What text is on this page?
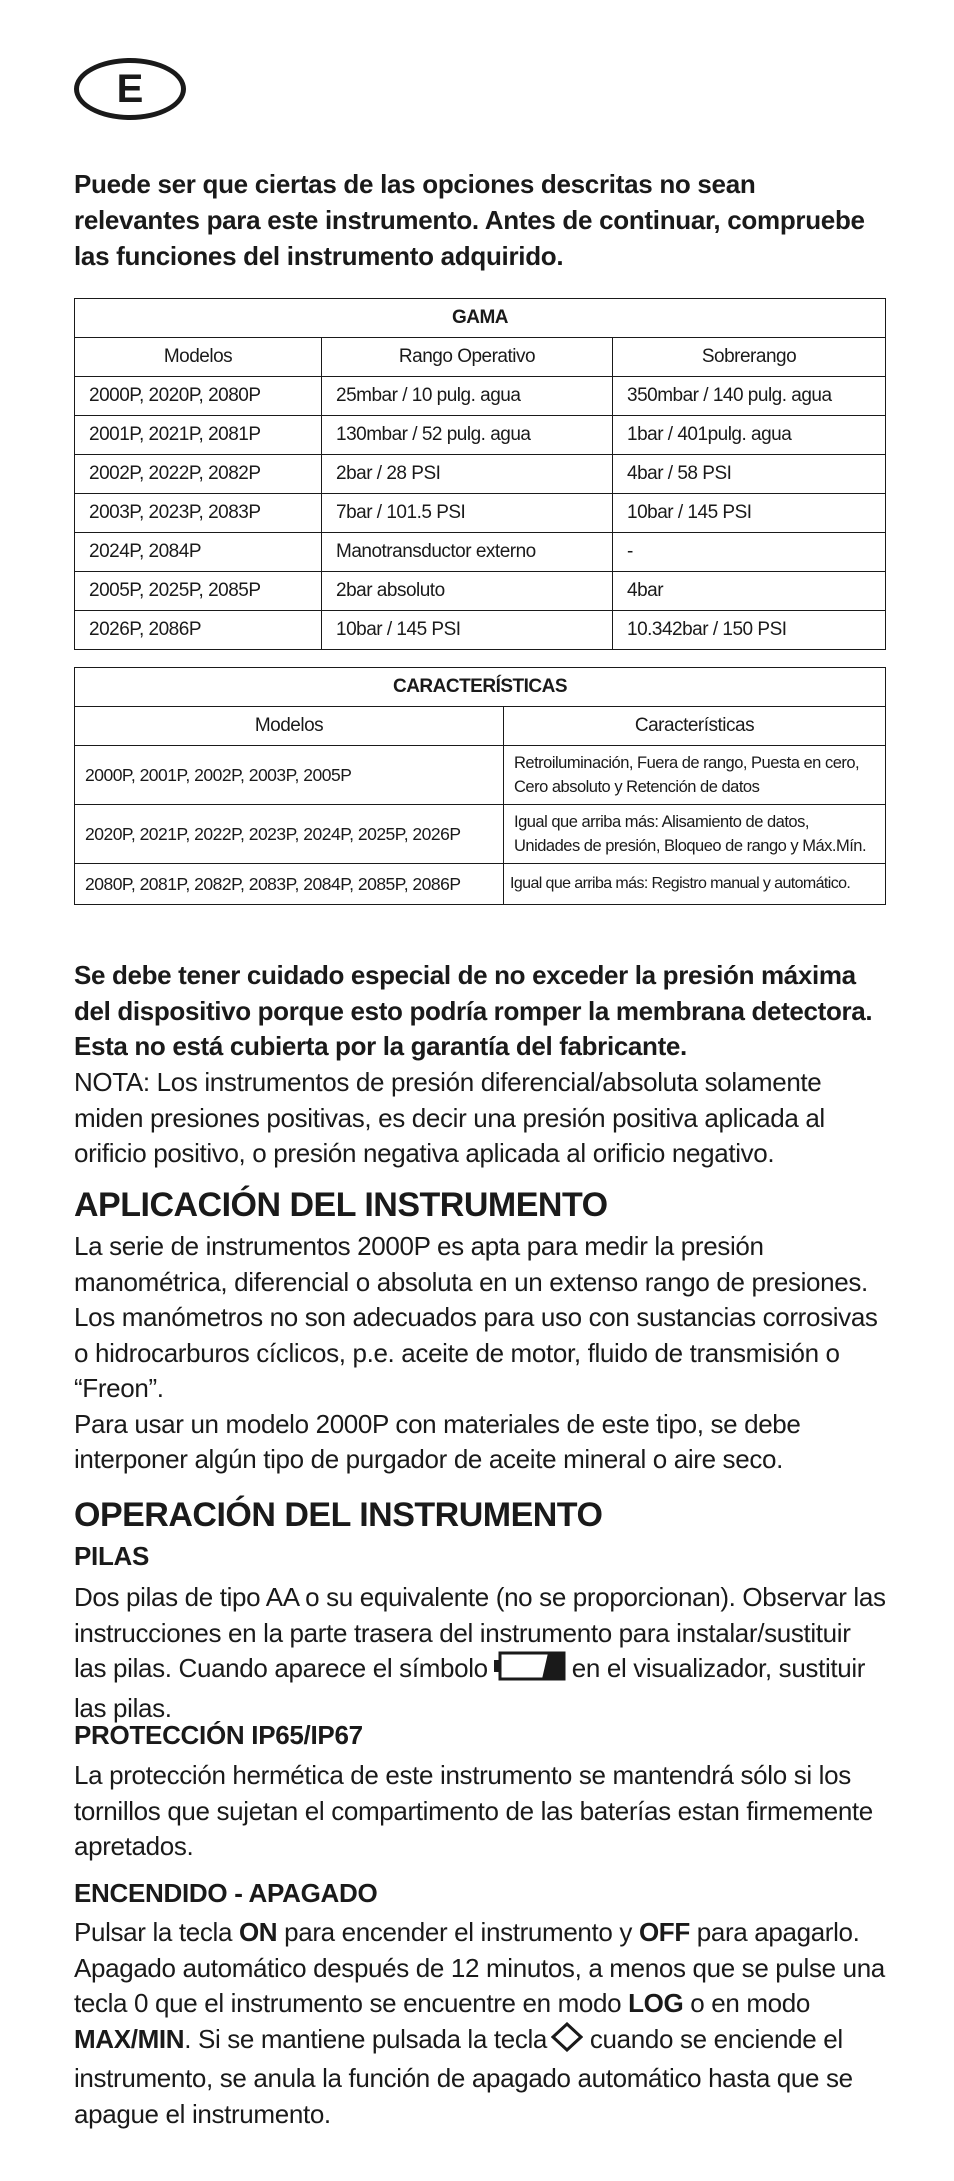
E
Puede ser que ciertas de las opciones descritas no sean relevantes para este instrumento. Antes de continuar, compruebe las funciones del instrumento adquirido.
GAMA		
Modelos	Rango Operativo	Sobrerango
2000P, 2020P, 2080P	25mbar / 10 pulg. agua	350mbar / 140 pulg. agua
2001P, 2021P, 2081P	130mbar / 52 pulg. agua	1bar / 401pulg. agua
2002P, 2022P, 2082P	2bar / 28 PSI	4bar / 58 PSI
2003P, 2023P, 2083P	7bar / 101.5 PSI	10bar / 145 PSI
2024P, 2084P	Manotransductor externo	-
2005P, 2025P, 2085P	2bar absoluto	4bar
2026P, 2086P	10bar / 145 PSI	10.342bar / 150 PSI
CARACTERÍSTICAS	
Modelos	Características
2000P, 2001P, 2002P, 2003P, 2005P	Retroiluminación, Fuera de rango, Puesta en cero, Cero absoluto y Retención de datos
2020P, 2021P, 2022P, 2023P, 2024P, 2025P, 2026P	Igual que arriba más: Alisamiento de datos, Unidades de presión, Bloqueo de rango y Máx.Mín.
2080P, 2081P, 2082P, 2083P, 2084P, 2085P, 2086P	Igual que arriba más: Registro manual y automático.
Se debe tener cuidado especial de no exceder la presión máxima del dispositivo porque esto podría romper la membrana detectora. Esta no está cubierta por la garantía del fabricante.
NOTA: Los instrumentos de presión diferencial/absoluta solamente miden presiones positivas, es decir una presión positiva aplicada al orificio positivo, o presión negativa aplicada al orificio negativo.
APLICACIÓN DEL INSTRUMENTO
La serie de instrumentos 2000P es apta para medir la presión manométrica, diferencial o absoluta en un extenso rango de presiones. Los manómetros no son adecuados para uso con sustancias corrosivas o hidrocarburos cíclicos, p.e. aceite de motor, fluido de transmisión o “Freon”.
Para usar un modelo 2000P con materiales de este tipo, se debe interponer algún tipo de purgador de aceite mineral o aire seco.
OPERACIÓN DEL INSTRUMENTO
PILAS
Dos pilas de tipo AA o su equivalente (no se proporcionan). Observar las instrucciones en la parte trasera del instrumento para instalar/sustituir las pilas. Cuando aparece el símbolo	en el visualizador, sustituir las pilas.
PROTECCIÓN IP65/IP67
La protección hermética de este instrumento se mantendrá sólo si los tornillos que sujetan el compartimento de las baterías estan firmemente apretados.
ENCENDIDO - APAGADO
Pulsar la tecla ON para encender el instrumento y OFF para apagarlo. Apagado automático después de 12 minutos, a menos que se pulse una tecla 0 que el instrumento se encuentre en modo LOG o en modo MAX/MIN. Si se mantiene pulsada la tecla cuando se enciende el instrumento, se anula la función de apagado automático hasta que se apague el instrumento.
